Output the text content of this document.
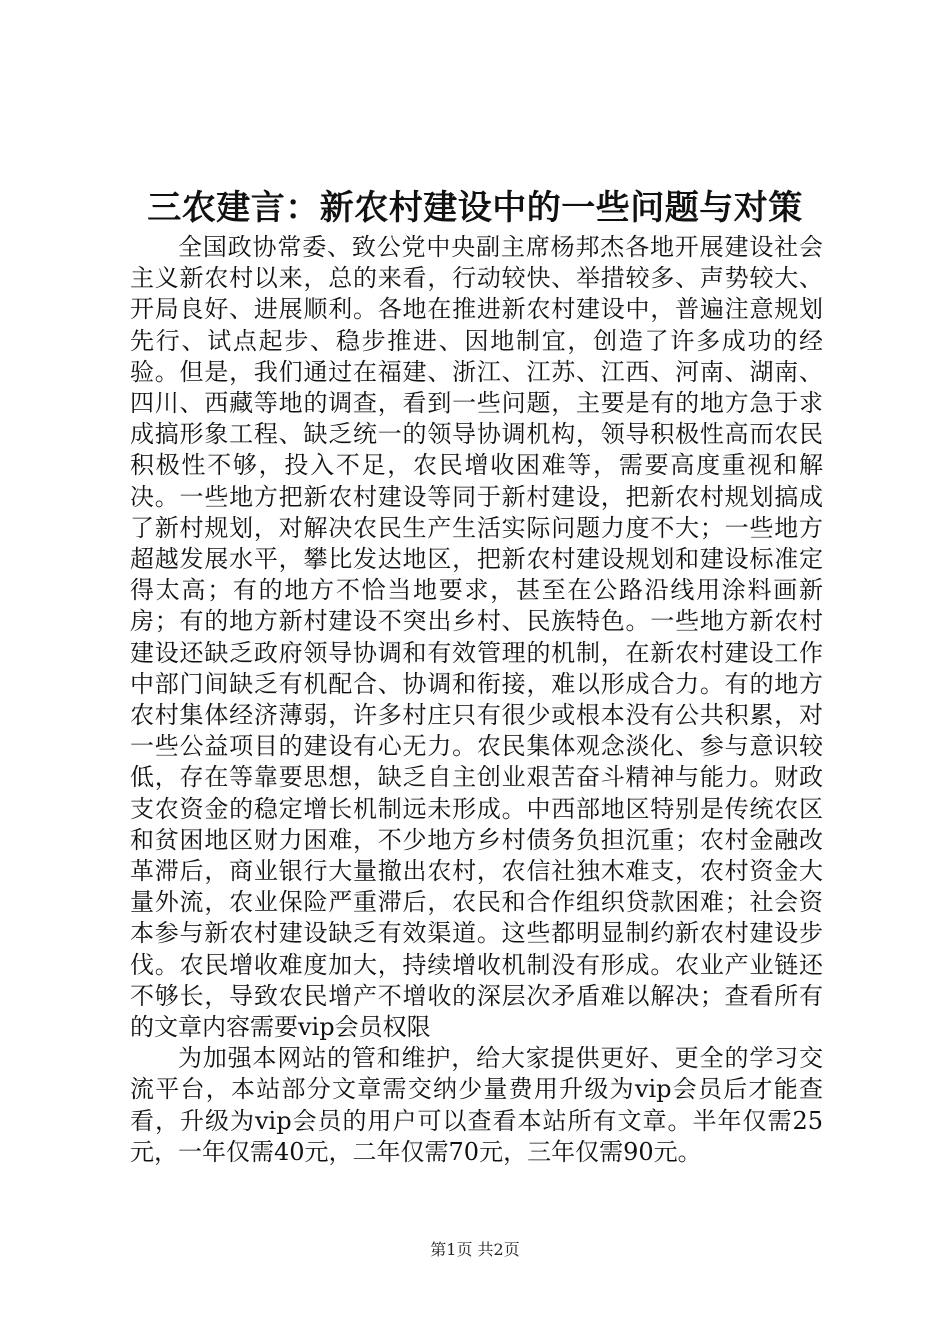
三农建言：新农村建设中的一些问题与对策

全国政协常委、致公党中央副主席杨邦杰各地开展建设社会主义新农村以来，总的来看，行动较快、举措较多、声势较大、开局良好、进展顺利。各地在推进新农村建设中，普遍注意规划先行、试点起步、稳步推进、因地制宜，创造了许多成功的经验。但是，我们通过在福建、浙江、江苏、江西、河南、湖南、四川、西藏等地的调查，看到一些问题，主要是有的地方急于求成搞形象工程、缺乏统一的领导协调机构，领导积极性高而农民积极性不够，投入不足，农民增收困难等，需要高度重视和解决。一些地方把新农村建设等同于新村建设，把新农村规划搞成了新村规划，对解决农民生产生活实际问题力度不大；一些地方超越发展水平，攀比发达地区，把新农村建设规划和建设标准定得太高；有的地方不恰当地要求，甚至在公路沿线用涂料画新房；有的地方新村建设不突出乡村、民族特色。一些地方新农村建设还缺乏政府领导协调和有效管理的机制，在新农村建设工作中部门间缺乏有机配合、协调和衔接，难以形成合力。有的地方农村集体经济薄弱，许多村庄只有很少或根本没有公共积累，对一些公益项目的建设有心无力。农民集体观念淡化、参与意识较低，存在等靠要思想，缺乏自主创业艰苦奋斗精神与能力。财政支农资金的稳定增长机制远未形成。中西部地区特别是传统农区和贫困地区财力困难，不少地方乡村债务负担沉重；农村金融改革滞后，商业银行大量撤出农村，农信社独木难支，农村资金大量外流，农业保险严重滞后，农民和合作组织贷款困难；社会资本参与新农村建设缺乏有效渠道。这些都明显制约新农村建设步伐。农民增收难度加大，持续增收机制没有形成。农业产业链还不够长，导致农民增产不增收的深层次矛盾难以解决；查看所有的文章内容需要vip会员权限

为加强本网站的管和维护，给大家提供更好、更全的学习交流平台，本站部分文章需交纳少量费用升级为vip会员后才能查看，升级为vip会员的用户可以查看本站所有文章。半年仅需25元，一年仅需40元，二年仅需70元，三年仅需90元。

第1页 共2页
